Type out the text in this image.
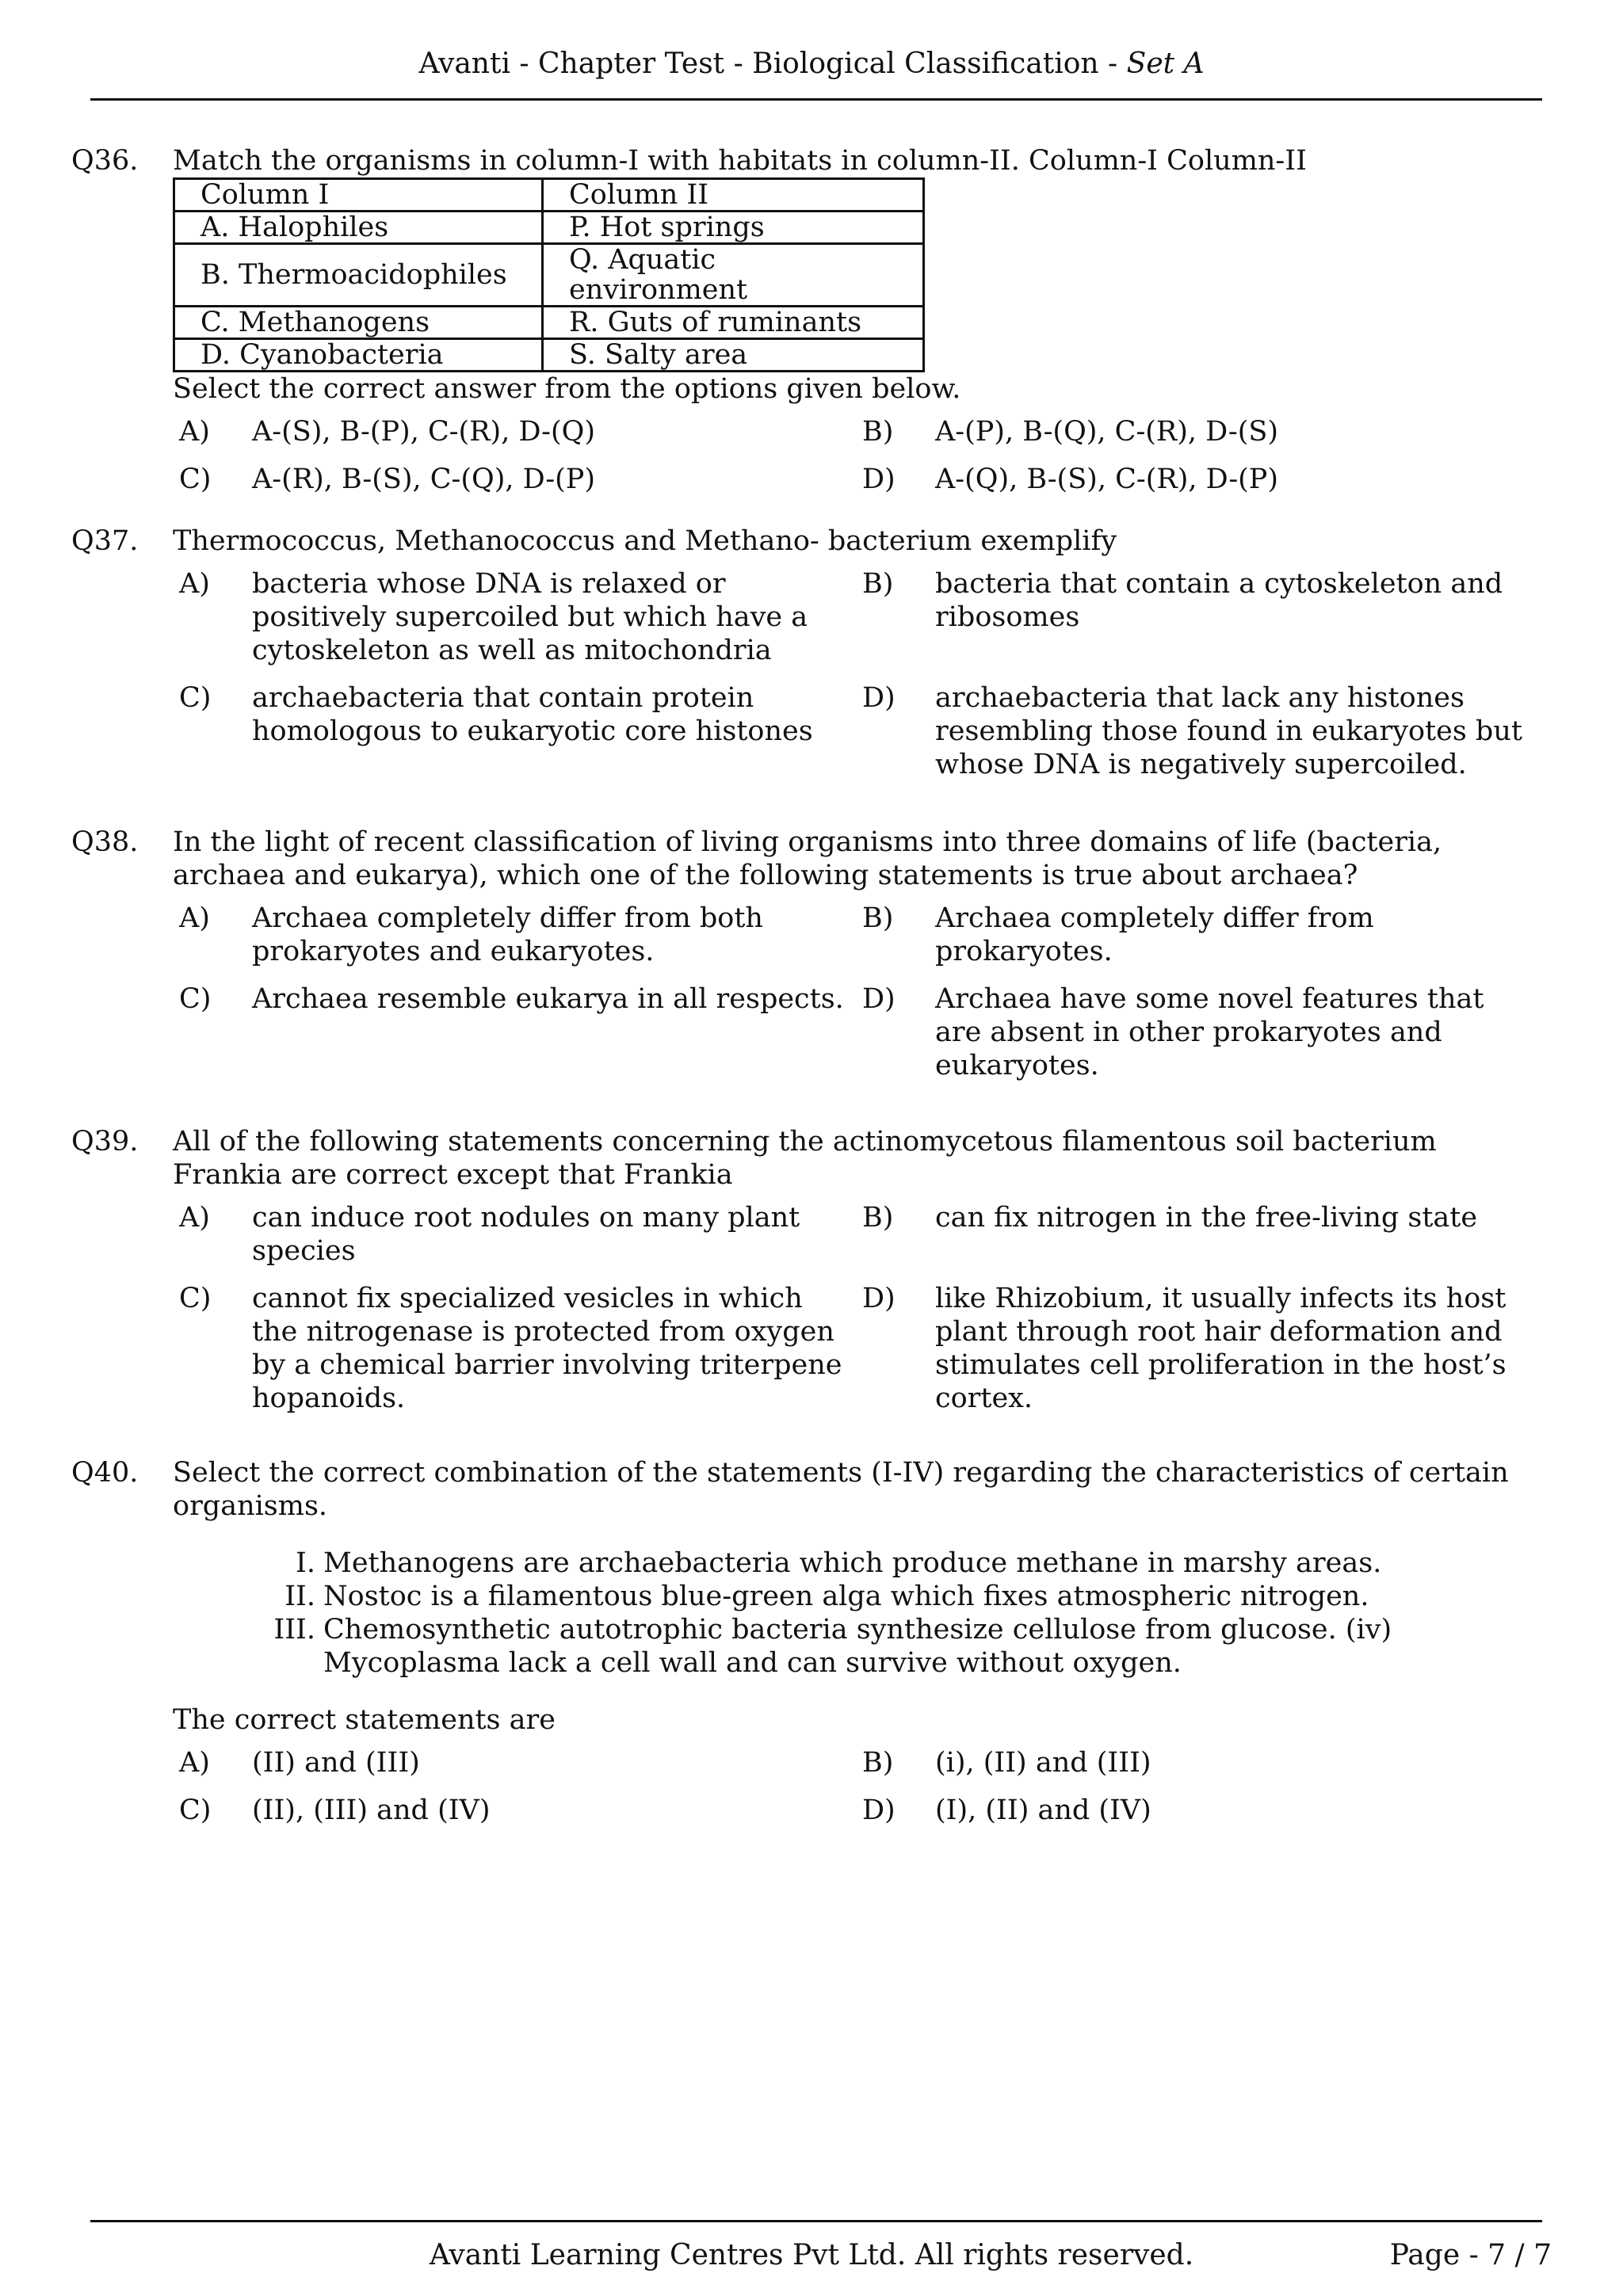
Avanti - Chapter Test - Biological Classification - Set A
Q36. Match the organisms in column-I with habitats in column-II. Column-I Column-II
Column I	Column II
A. Halophiles	P. Hot springs
B. Thermoacidophiles	Q. Aquatic environment
C. Methanogens	R. Guts of ruminants
D. Cyanobacteria	S. Salty area
Select the correct answer from the options given below.
A) A-(S), B-(P), C-(R), D-(Q)	B) A-(P), B-(Q), C-(R), D-(S)
C) A-(R), B-(S), C-(Q), D-(P)	D) A-(Q), B-(S), C-(R), D-(P)
Q37. Thermococcus, Methanococcus and Methano- bacterium exemplify
A) bacteria whose DNA is relaxed or positively supercoiled but which have a cytoskeleton as well as mitochondria
B) bacteria that contain a cytoskeleton and ribosomes
C) archaebacteria that contain protein homologous to eukaryotic core histones
D) archaebacteria that lack any histones resembling those found in eukaryotes but whose DNA is negatively supercoiled.
Q38. In the light of recent classification of living organisms into three domains of life (bacteria, archaea and eukarya), which one of the following statements is true about archaea?
A) Archaea completely differ from both prokaryotes and eukaryotes.
B) Archaea completely differ from prokaryotes.
C) Archaea resemble eukarya in all respects. D) Archaea have some novel features that are absent in other prokaryotes and eukaryotes.
Q39. All of the following statements concerning the actinomycetous filamentous soil bacterium Frankia are correct except that Frankia
A) can induce root nodules on many plant species
B) can fix nitrogen in the free-living state
C) cannot fix specialized vesicles in which the nitrogenase is protected from oxygen by a chemical barrier involving triterpene hopanoids.
D) like Rhizobium, it usually infects its host plant through root hair deformation and stimulates cell proliferation in the host’s cortex.
Q40. Select the correct combination of the statements (I-IV) regarding the characteristics of certain organisms.
I. Methanogens are archaebacteria which produce methane in marshy areas.
II. Nostoc is a filamentous blue-green alga which fixes atmospheric nitrogen.
III. Chemosynthetic autotrophic bacteria synthesize cellulose from glucose. (iv) Mycoplasma lack a cell wall and can survive without oxygen.
The correct statements are
A) (II) and (III)	B) (i), (II) and (III)
C) (II), (III) and (IV)	D) (I), (II) and (IV)
Avanti Learning Centres Pvt Ltd. All rights reserved.	Page - 7 / 7
